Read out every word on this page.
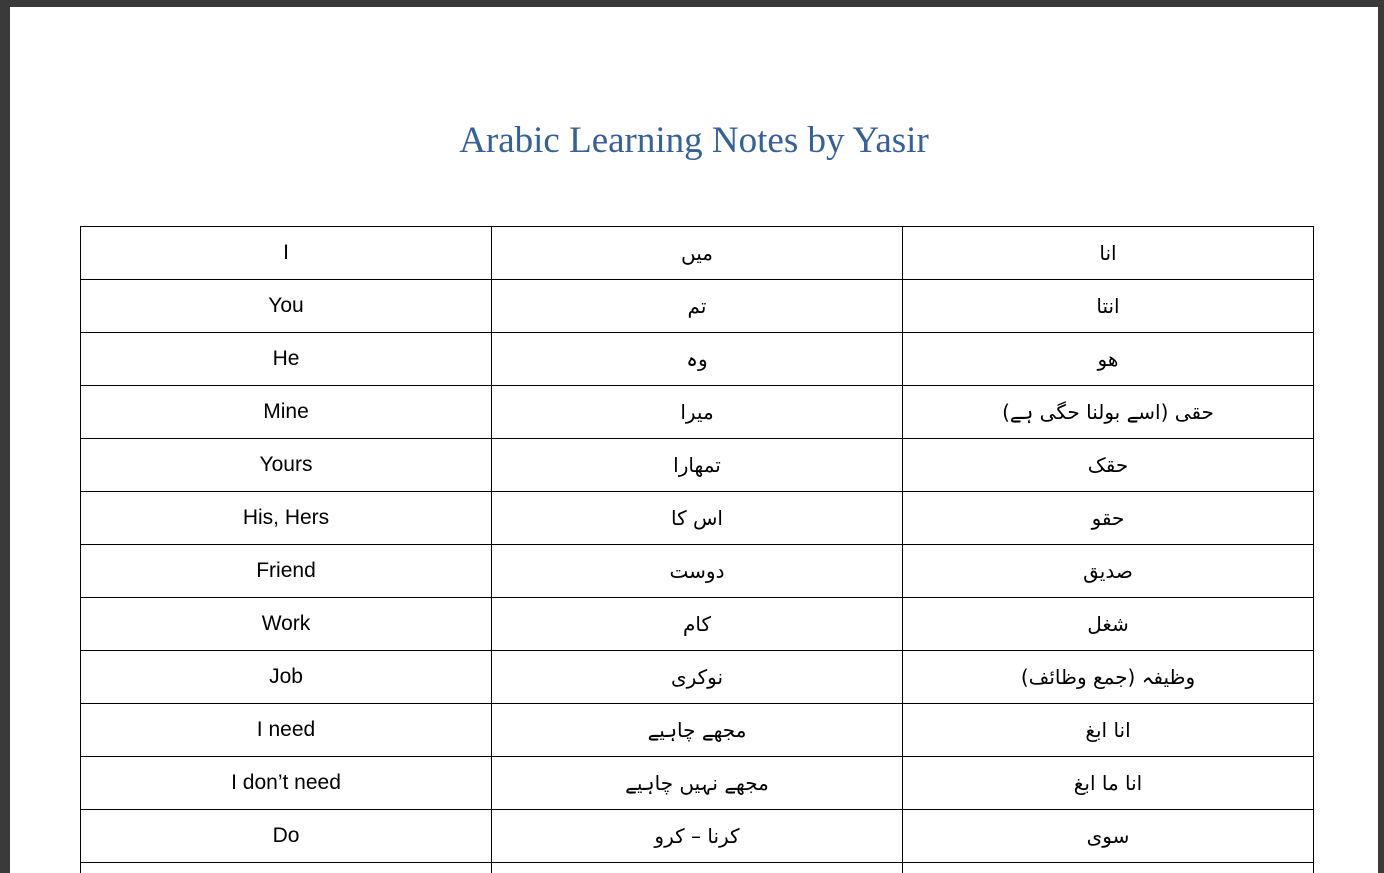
Arabic Learning Notes by Yasir
I	میں	انا
You	تم	انتا
He	وہ	ھو
Mine	میرا	حقی (اسے بولنا حگی ہے)
Yours	تمھارا	حقک
His, Hers	اس کا	حقو
Friend	دوست	صدیق
Work	کام	شغل
Job	نوکری	وظیفہ (جمع وظائف)
I need	مجھے چاہیے	انا ابغ
I don’t need	مجھے نہیں چاہیے	انا ما ابغ
Do	کرنا – کرو	سوی
